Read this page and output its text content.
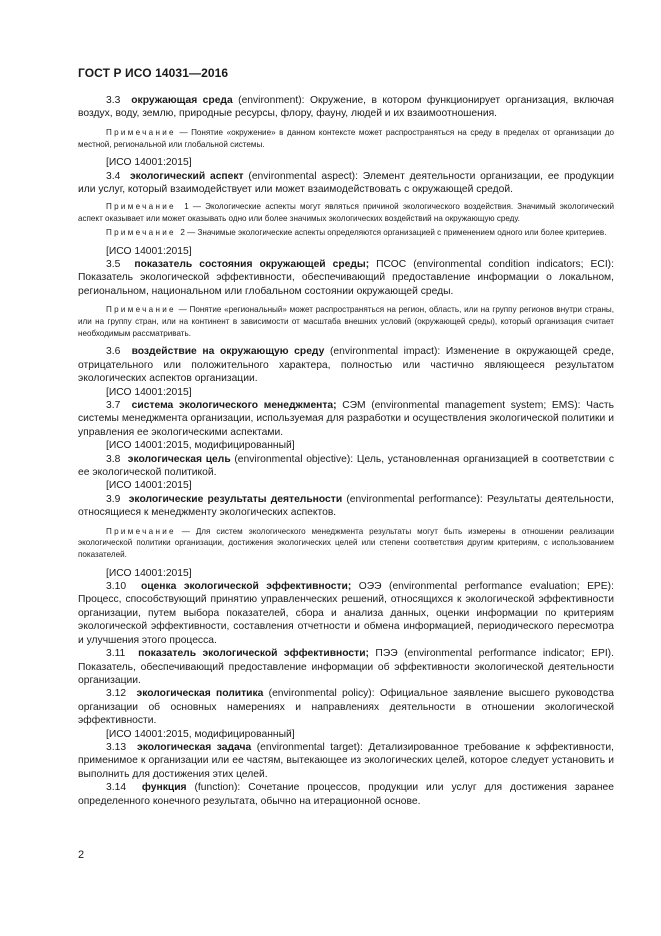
ГОСТ Р ИСО 14031—2016

3.3 окружающая среда (environment): Окружение, в котором функционирует организация, включая воздух, воду, землю, природные ресурсы, флору, фауну, людей и их взаимоотношения.

Примечание — Понятие «окружение» в данном контексте может распространяться на среду в пределах от организации до местной, региональной или глобальной системы.

[ИСО 14001:2015]

3.4 экологический аспект (environmental aspect): Элемент деятельности организации, ее продукции или услуг, который взаимодействует или может взаимодействовать с окружающей средой.

Примечание 1 — Экологические аспекты могут являться причиной экологического воздействия. Значимый экологический аспект оказывает или может оказывать одно или более значимых экологических воздействий на окружающую среду.

Примечание 2 — Значимые экологические аспекты определяются организацией с применением одного или более критериев.

[ИСО 14001:2015]

3.5 показатель состояния окружающей среды; ПСОС (environmental condition indicators; ECI): Показатель экологической эффективности, обеспечивающий предоставление информации о локальном, региональном, национальном или глобальном состоянии окружающей среды.

Примечание — Понятие «региональный» может распространяться на регион, область, или на группу регионов внутри страны, или на группу стран, или на континент в зависимости от масштаба внешних условий (окружающей среды), который организация считает необходимым рассматривать.

3.6 воздействие на окружающую среду (environmental impact): Изменение в окружающей среде, отрицательного или положительного характера, полностью или частично являющееся результатом экологических аспектов организации.

[ИСО 14001:2015]

3.7 система экологического менеджмента; СЭМ (environmental management system; EMS): Часть системы менеджмента организации, используемая для разработки и осуществления экологической политики и управления ее экологическими аспектами.

[ИСО 14001:2015, модифицированный]

3.8 экологическая цель (environmental objective): Цель, установленная организацией в соответствии с ее экологической политикой.

[ИСО 14001:2015]

3.9 экологические результаты деятельности (environmental performance): Результаты деятельности, относящиеся к менеджменту экологических аспектов.

Примечание — Для систем экологического менеджмента результаты могут быть измерены в отношении реализации экологической политики организации, достижения экологических целей или степени соответствия другим критериям, с использованием показателей.

[ИСО 14001:2015]

3.10 оценка экологической эффективности; ОЭЭ (environmental performance evaluation; EPE): Процесс, способствующий принятию управленческих решений, относящихся к экологической эффективности организации, путем выбора показателей, сбора и анализа данных, оценки информации по критериям экологической эффективности, составления отчетности и обмена информацией, периодического пересмотра и улучшения этого процесса.

3.11 показатель экологической эффективности; ПЭЭ (environmental performance indicator; EPI). Показатель, обеспечивающий предоставление информации об эффективности экологической деятельности организации.

3.12 экологическая политика (environmental policy): Официальное заявление высшего руководства организации об основных намерениях и направлениях деятельности в отношении экологической эффективности.

[ИСО 14001:2015, модифицированный]

3.13 экологическая задача (environmental target): Детализированное требование к эффективности, применимое к организации или ее частям, вытекающее из экологических целей, которое следует установить и выполнить для достижения этих целей.

3.14 функция (function): Сочетание процессов, продукции или услуг для достижения заранее определенного конечного результата, обычно на итерационной основе.

2
